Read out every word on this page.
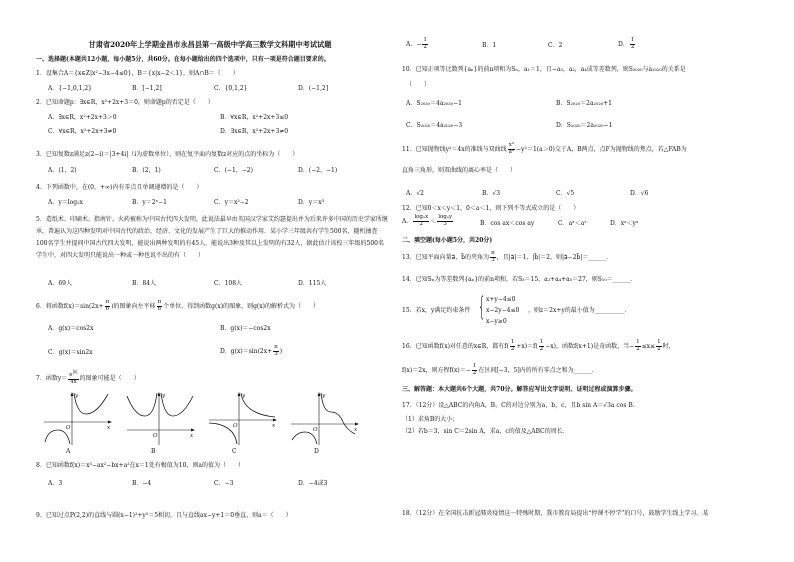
甘肃省2020年上学期金昌市永昌县第一高级中学高三数学文科期中考试试题
一、选择题(本题共12小题，每小题5分，共60分。在每小题给出的四个选项中，只有一项是符合题目要求的。
1．设集合A＝{x∈Z|x²−3x−4≤0}，B＝{x|x−2＜1}，则A∩B＝（　　）
A．{−1,0,1,2}	B．[−1,2]	C．{0,1,2}	D．(−1,2]
2．已知命题p：∃x∈R，x²+2x+3＝0，则命题p的否定是（　　）
A．∃x∈R，x²+2x+3＞0	B．∀x∈R，x²+2x+3≤0
C．∀x∈R，x²+2x+3≠0	D．∃x∈R，x²+2x+3≠0
3．已知复数z满足z(2−i)＝|3+4i|（i为虚数单位），则在复平面内复数z对应的点的坐标为（　　）
A．(1，2)	B．(2，1)	C．(−1，−2)	D．(−2，−1)
4．下列函数中，在(0，+∞)内有零点且单调递增的是（　　）
A．y＝log₂x	B．y＝2ˣ−1	C．y＝x²−2	D．y＝x³
5．造纸术、印刷术、指南针、火药被称为中国古代四大发明，此说法最早由英国汉学家艾约瑟提出并为后来许多中国的历史学家所继承，普遍认为这四种发明对中国古代的政治、经济、文化的发展产生了巨大的推动作用．某小学三年级共有学生500名，随机抽查100名学生并提问中国古代四大发明，能说出两种发明的有45人，能说出3种及其以上发明的有32人，据此估计该校三年级的500名学生中，对四大发明只能说出一种或一种也说不出的有（　　）
A．69人	B．84人	C．108人	D．115人
6．将函数$f(x)=\sin(2x+ \frac{\pi}{6}$ )的图象向左平移 $\frac{\pi}{6}$ 个单位，得到函数g(x)的图象，则g(x)的解析式为（　　）
A．g(x)＝cos2x	B．g(x)＝−cos2x
C．g(x)＝sin2x	D．$g(x)=\sin(2x+ \frac{\pi}{3}$ )
7．函数$y= \frac{e^{|x|}}{4x}$ 的图象可能是（　　）
y
x
O
y
x
O
y
x
O
y
x
O
A	B	C	D
8．已知函数f(x)＝x³−ax²−bx+a²在x＝1处有极值为10，则a的值为（　　）
A．3	B．−4	C．−3	D．−4或3
9．已知过点P(2,2)的直线与圆(x−1)²+y²＝5相切，且与直线ax−y+1＝0垂直，则a＝（　　）
A．− $\frac{1}{2}$	B．1	C．2	D． $\frac{1}{2}$
10．已知正项等比数列{aₙ}的前n项和为Sₙ，a₁＝1，且−a₃，a₂，a₄成等差数列，则S₂₀₂₀与a₂₀₂₀的关系是
（　　）
A．S₂₀₂₀＝4a₂₀₂₀−1	B．S₂₀₂₀＝2a₂₀₂₀+1
C．S₂₀₂₀＝4a₂₀₂₀−3	D．S₂₀₂₀＝2a₂₀₂₀−1
11．已知抛物线y²＝4x的准线与双曲线 $\frac{\text{x²}}{\text{a²}} -y^2=1(a>0)$交于A，B两点，点F为抛物线的焦点，若△FAB为
直角三角形，则双曲线的离心率是（　　）
A．√2	B．√3	C．√5	D．√6
12．已知0＜x＜y＜1，0＜a＜1，则下列不等式成立的是（　　）
A． $\frac{\text{logₐx}}{2} < \frac{\text{logₐy}}{3}$	B．cos ax＜cos ay	C．aˣ＜aʸ	D．xᵃ＜yᵃ
二、填空题(每小题5分，共20分)
13．已知平面向量a⃗，b⃗的夹角为 $\frac{\pi}{3}$ ，且|a⃗|＝1，|b⃗|＝2，则|a⃗−2b⃗|＝______．
14．已知Sₙ为等差数列{aₙ}的前n项和，若S₃＝15，a₃+a₄+a₅＝27，则S₁₀＝______．
15．若x，y满足约束条件 { x+y−4≤0
x−2y−4≤0
x−y≥0
，则z＝2x+y的最小值为__________．
16．已知函数f(x)对任意的x∈R，都有$f( \frac{1}{2} +x)=f( \frac{1}{2} -x)$，函数f(x+1)是奇函数，当− $\frac{1}{2} \le x\le \frac{1}{2}$ 时，
f(x)＝2x，则方程$f(x)=- \frac{1}{2}$ 在区间[−3，5]内的所有零点之和为______．
三、解答题：本大题共6个大题，共70分。解答应写出文字说明、证明过程或演算步骤。
17．（12分）设△ABC的内角A，B，C的对边分别为a，b，c，且b sin A＝√3a cos B．
（1）求角B的大小；
（2）若b＝3，sin C＝2sin A，求a，c的值及△ABC的周长．
18．（12分）在全国抗击新冠肺炎疫情这一特殊时期，我市教育局提出“停课不停学”的口号，鼓励学生线上学习。某
